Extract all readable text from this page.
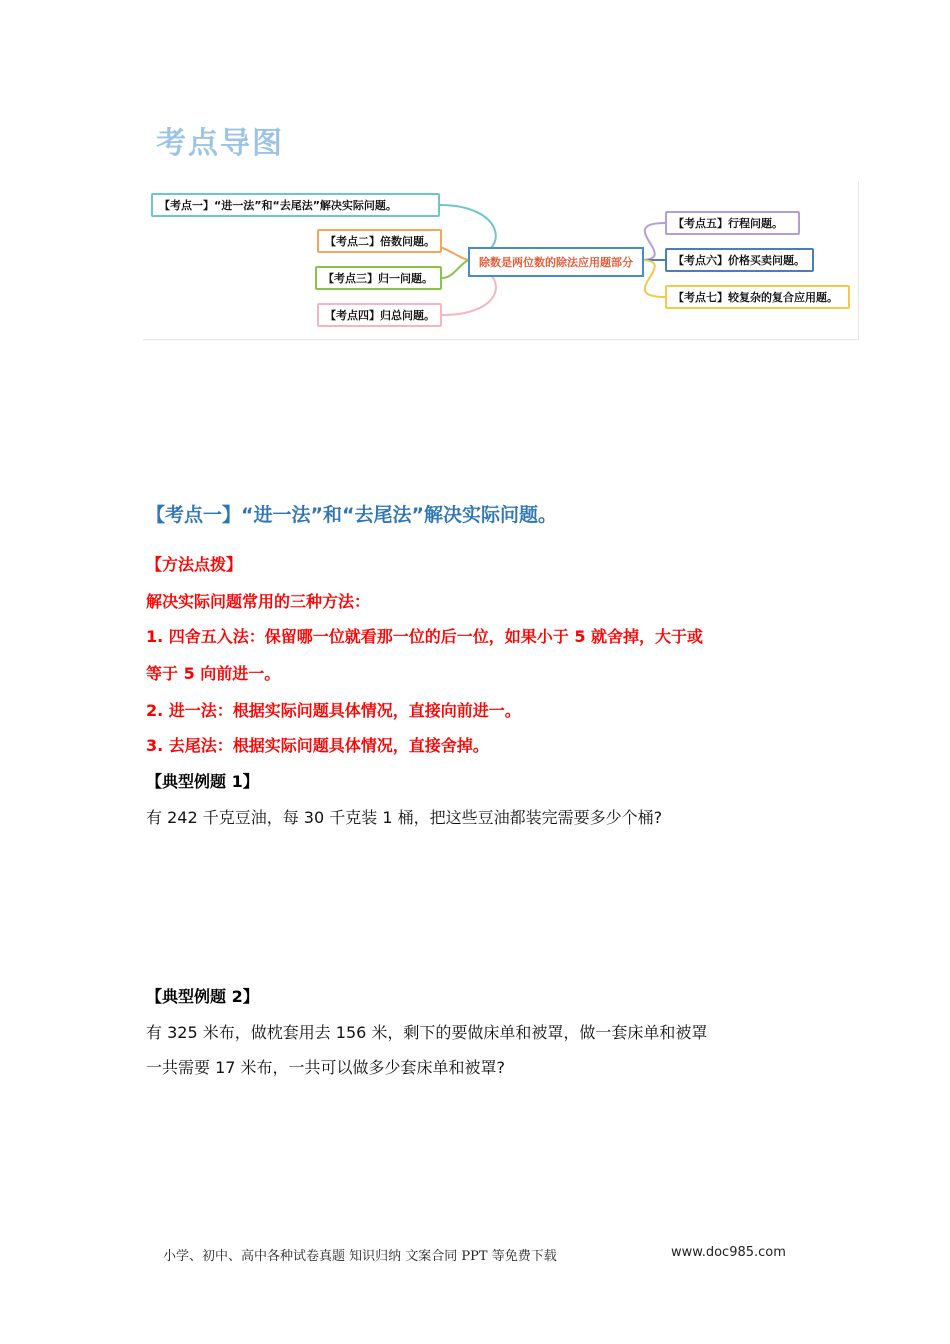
考点导图
【考点一】“进一法”和“去尾法”解决实际问题。
【考点二】倍数问题。
【考点三】归一问题。
【考点四】归总问题。
除数是两位数的除法应用题部分
【考点五】行程问题。
【考点六】价格买卖问题。
【考点七】较复杂的复合应用题。
【考点一】“进一法”和“去尾法”解决实际问题。
【方法点拨】
解决实际问题常用的三种方法：
1. 四舍五入法：保留哪一位就看那一位的后一位，如果小于 5 就舍掉，大于或
等于 5 向前进一。
2. 进一法：根据实际问题具体情况，直接向前进一。
3. 去尾法：根据实际问题具体情况，直接舍掉。
【典型例题 1】
有 242 千克豆油，每 30 千克装 1 桶，把这些豆油都装完需要多少个桶?
【典型例题 2】
有 325 米布，做枕套用去 156 米，剩下的要做床单和被罩，做一套床单和被罩
一共需要 17 米布，一共可以做多少套床单和被罩?
小学、初中、高中各种试卷真题 知识归纳 文案合同 PPT 等免费下载	www.doc985.com
